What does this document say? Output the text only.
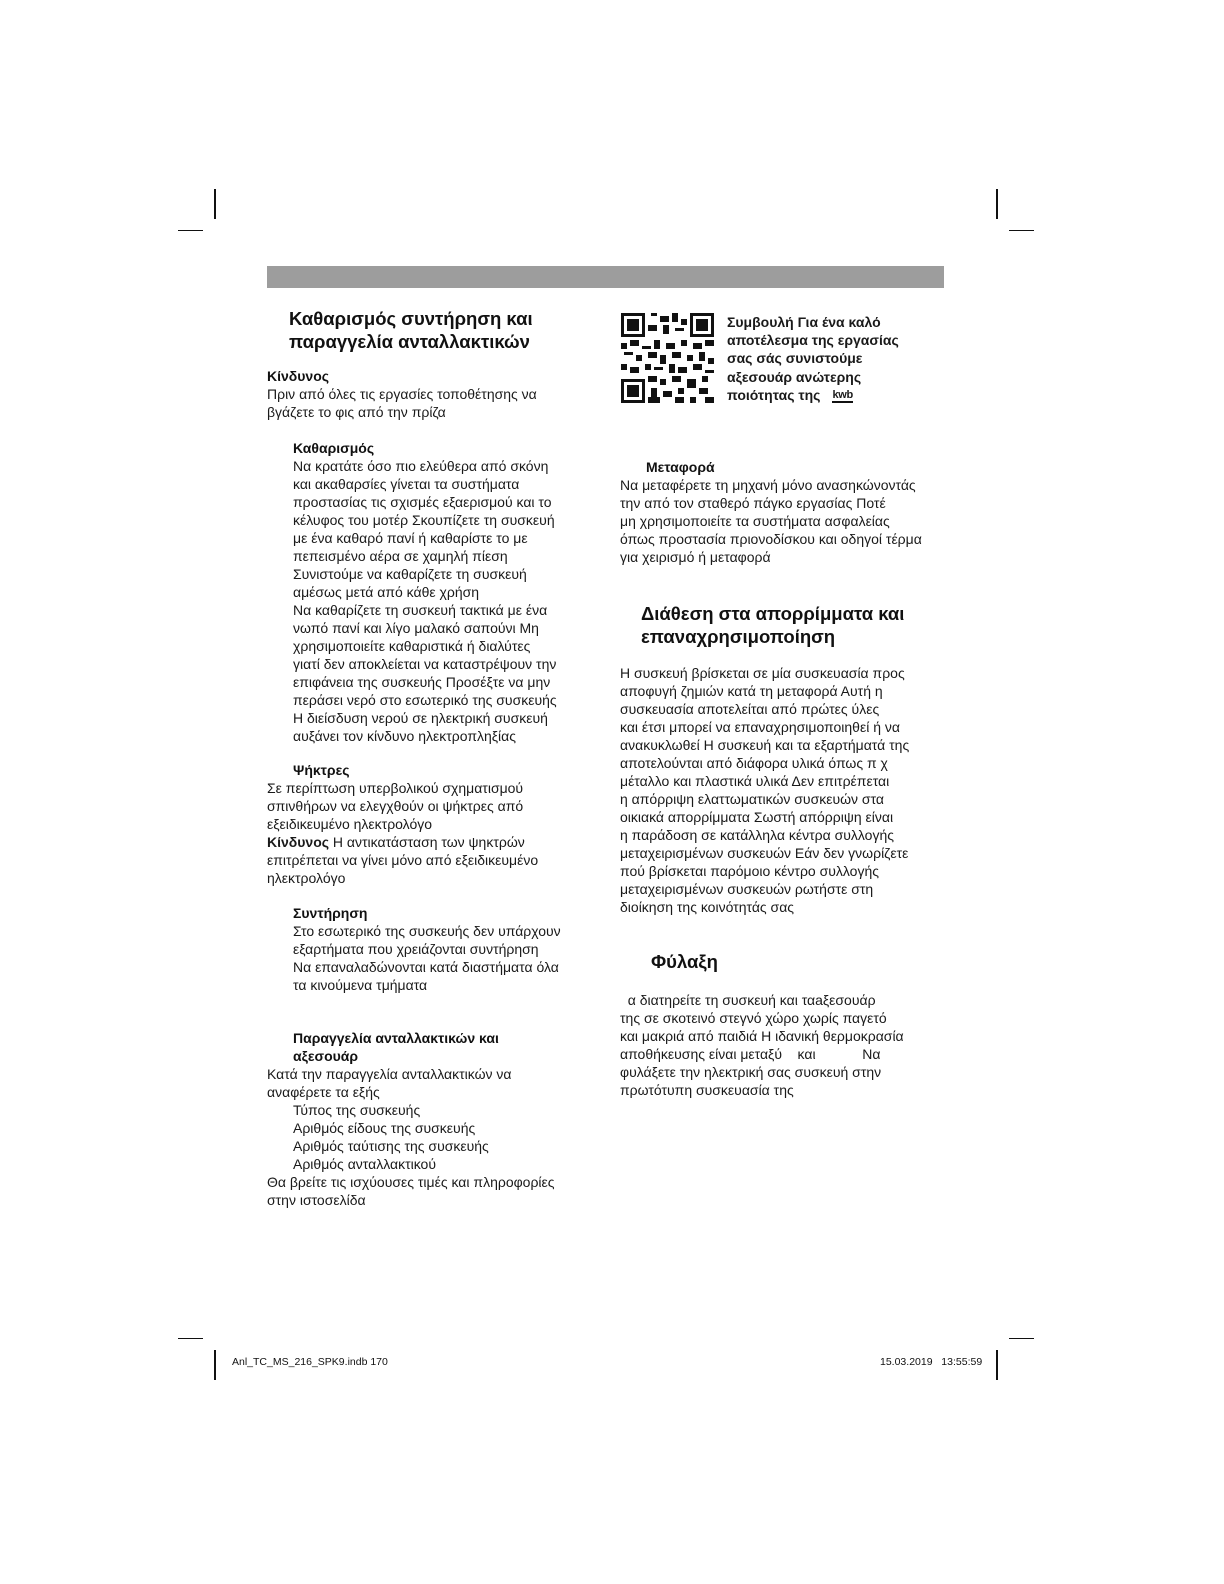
Καθαρισμός συντήρηση και
παραγγελία ανταλλακτικών

Κίνδυνος

Πριν από όλες τις εργασίες τοποθέτησης να
βγάζετε το φις από την πρίζα

Καθαρισμός

Να κρατάτε όσο πιο ελεύθερα από σκόνη
και ακαθαρσίες γίνεται τα συστήματα
προστασίας τις σχισμές εξαερισμού και το
κέλυφος του μοτέρ Σκουπίζετε τη συσκευή
με ένα καθαρό πανί ή καθαρίστε το με
πεπεισμένο αέρα σε χαμηλή πίεση
Συνιστούμε να καθαρίζετε τη συσκευή
αμέσως μετά από κάθε χρήση
Να καθαρίζετε τη συσκευή τακτικά με ένα
νωπό πανί και λίγο μαλακό σαπούνι Μη
χρησιμοποιείτε καθαριστικά ή διαλύτες
γιατί δεν αποκλείεται να καταστρέψουν την
επιφάνεια της συσκευής Προσέξτε να μην
περάσει νερό στο εσωτερικό της συσκευής
Η διείσδυση νερού σε ηλεκτρική συσκευή
αυξάνει τον κίνδυνο ηλεκτροπληξίας

Ψήκτρες

Σε περίπτωση υπερβολικού σχηματισμού
σπινθήρων να ελεγχθούν οι ψήκτρες από
εξειδικευμένο ηλεκτρολόγο
Κίνδυνος Η αντικατάσταση των ψηκτρών
επιτρέπεται να γίνει μόνο από εξειδικευμένο
ηλεκτρολόγο

Συντήρηση

Στο εσωτερικό της συσκευής δεν υπάρχουν
εξαρτήματα που χρειάζονται συντήρηση
Να επαναλαδώνονται κατά διαστήματα όλα
τα κινούμενα τμήματα

Παραγγελία ανταλλακτικών και
αξεσουάρ

Κατά την παραγγελία ανταλλακτικών να
αναφέρετε τα εξής
Τύπος της συσκευής
Αριθμός είδους της συσκευής
Αριθμός ταύτισης της συσκευής
Αριθμός ανταλλακτικού
Θα βρείτε τις ισχύουσες τιμές και πληροφορίες
στην ιστοσελίδα

Συμβουλή Για ένα καλό
αποτέλεσμα της εργασίας
σας σάς συνιστούμε
αξεσουάρ ανώτερης
ποιότητας της kwb

Μεταφορά

Να μεταφέρετε τη μηχανή μόνο ανασηκώνοντάς
την από τον σταθερό πάγκο εργασίας Ποτέ
μη χρησιμοποιείτε τα συστήματα ασφαλείας
όπως προστασία πριονοδίσκου και οδηγοί τέρμα
για χειρισμό ή μεταφορά

Διάθεση στα απορρίμματα και
επαναχρησιμοποίηση

Η συσκευή βρίσκεται σε μία συσκευασία προς
αποφυγή ζημιών κατά τη μεταφορά Αυτή η
συσκευασία αποτελείται από πρώτες ύλες
και έτσι μπορεί να επαναχρησιμοποιηθεί ή να
ανακυκλωθεί Η συσκευή και τα εξαρτήματά της
αποτελούνται από διάφορα υλικά όπως π χ
μέταλλο και πλαστικά υλικά Δεν επιτρέπεται
η απόρριψη ελαττωματικών συσκευών στα
οικιακά απορρίμματα Σωστή απόρριψη είναι
η παράδοση σε κατάλληλα κέντρα συλλογής
μεταχειρισμένων συσκευών Εάν δεν γνωρίζετε
πού βρίσκεται παρόμοιο κέντρο συλλογής
μεταχειρισμένων συσκευών ρωτήστε στη
διοίκηση της κοινότητάς σας

Φύλαξη

α διατηρείτε τη συσκευή και ταaξεσουάρ
της σε σκοτεινό στεγνό χώρο χωρίς παγετό
και μακριά από παιδιά Η ιδανική θερμοκρασία
αποθήκευσης είναι μεταξύ    και            Να
φυλάξετε την ηλεκτρική σας συσκευή στην
πρωτότυπη συσκευασία της

Anl_TC_MS_216_SPK9.indb 170	15.03.2019   13:55:59
